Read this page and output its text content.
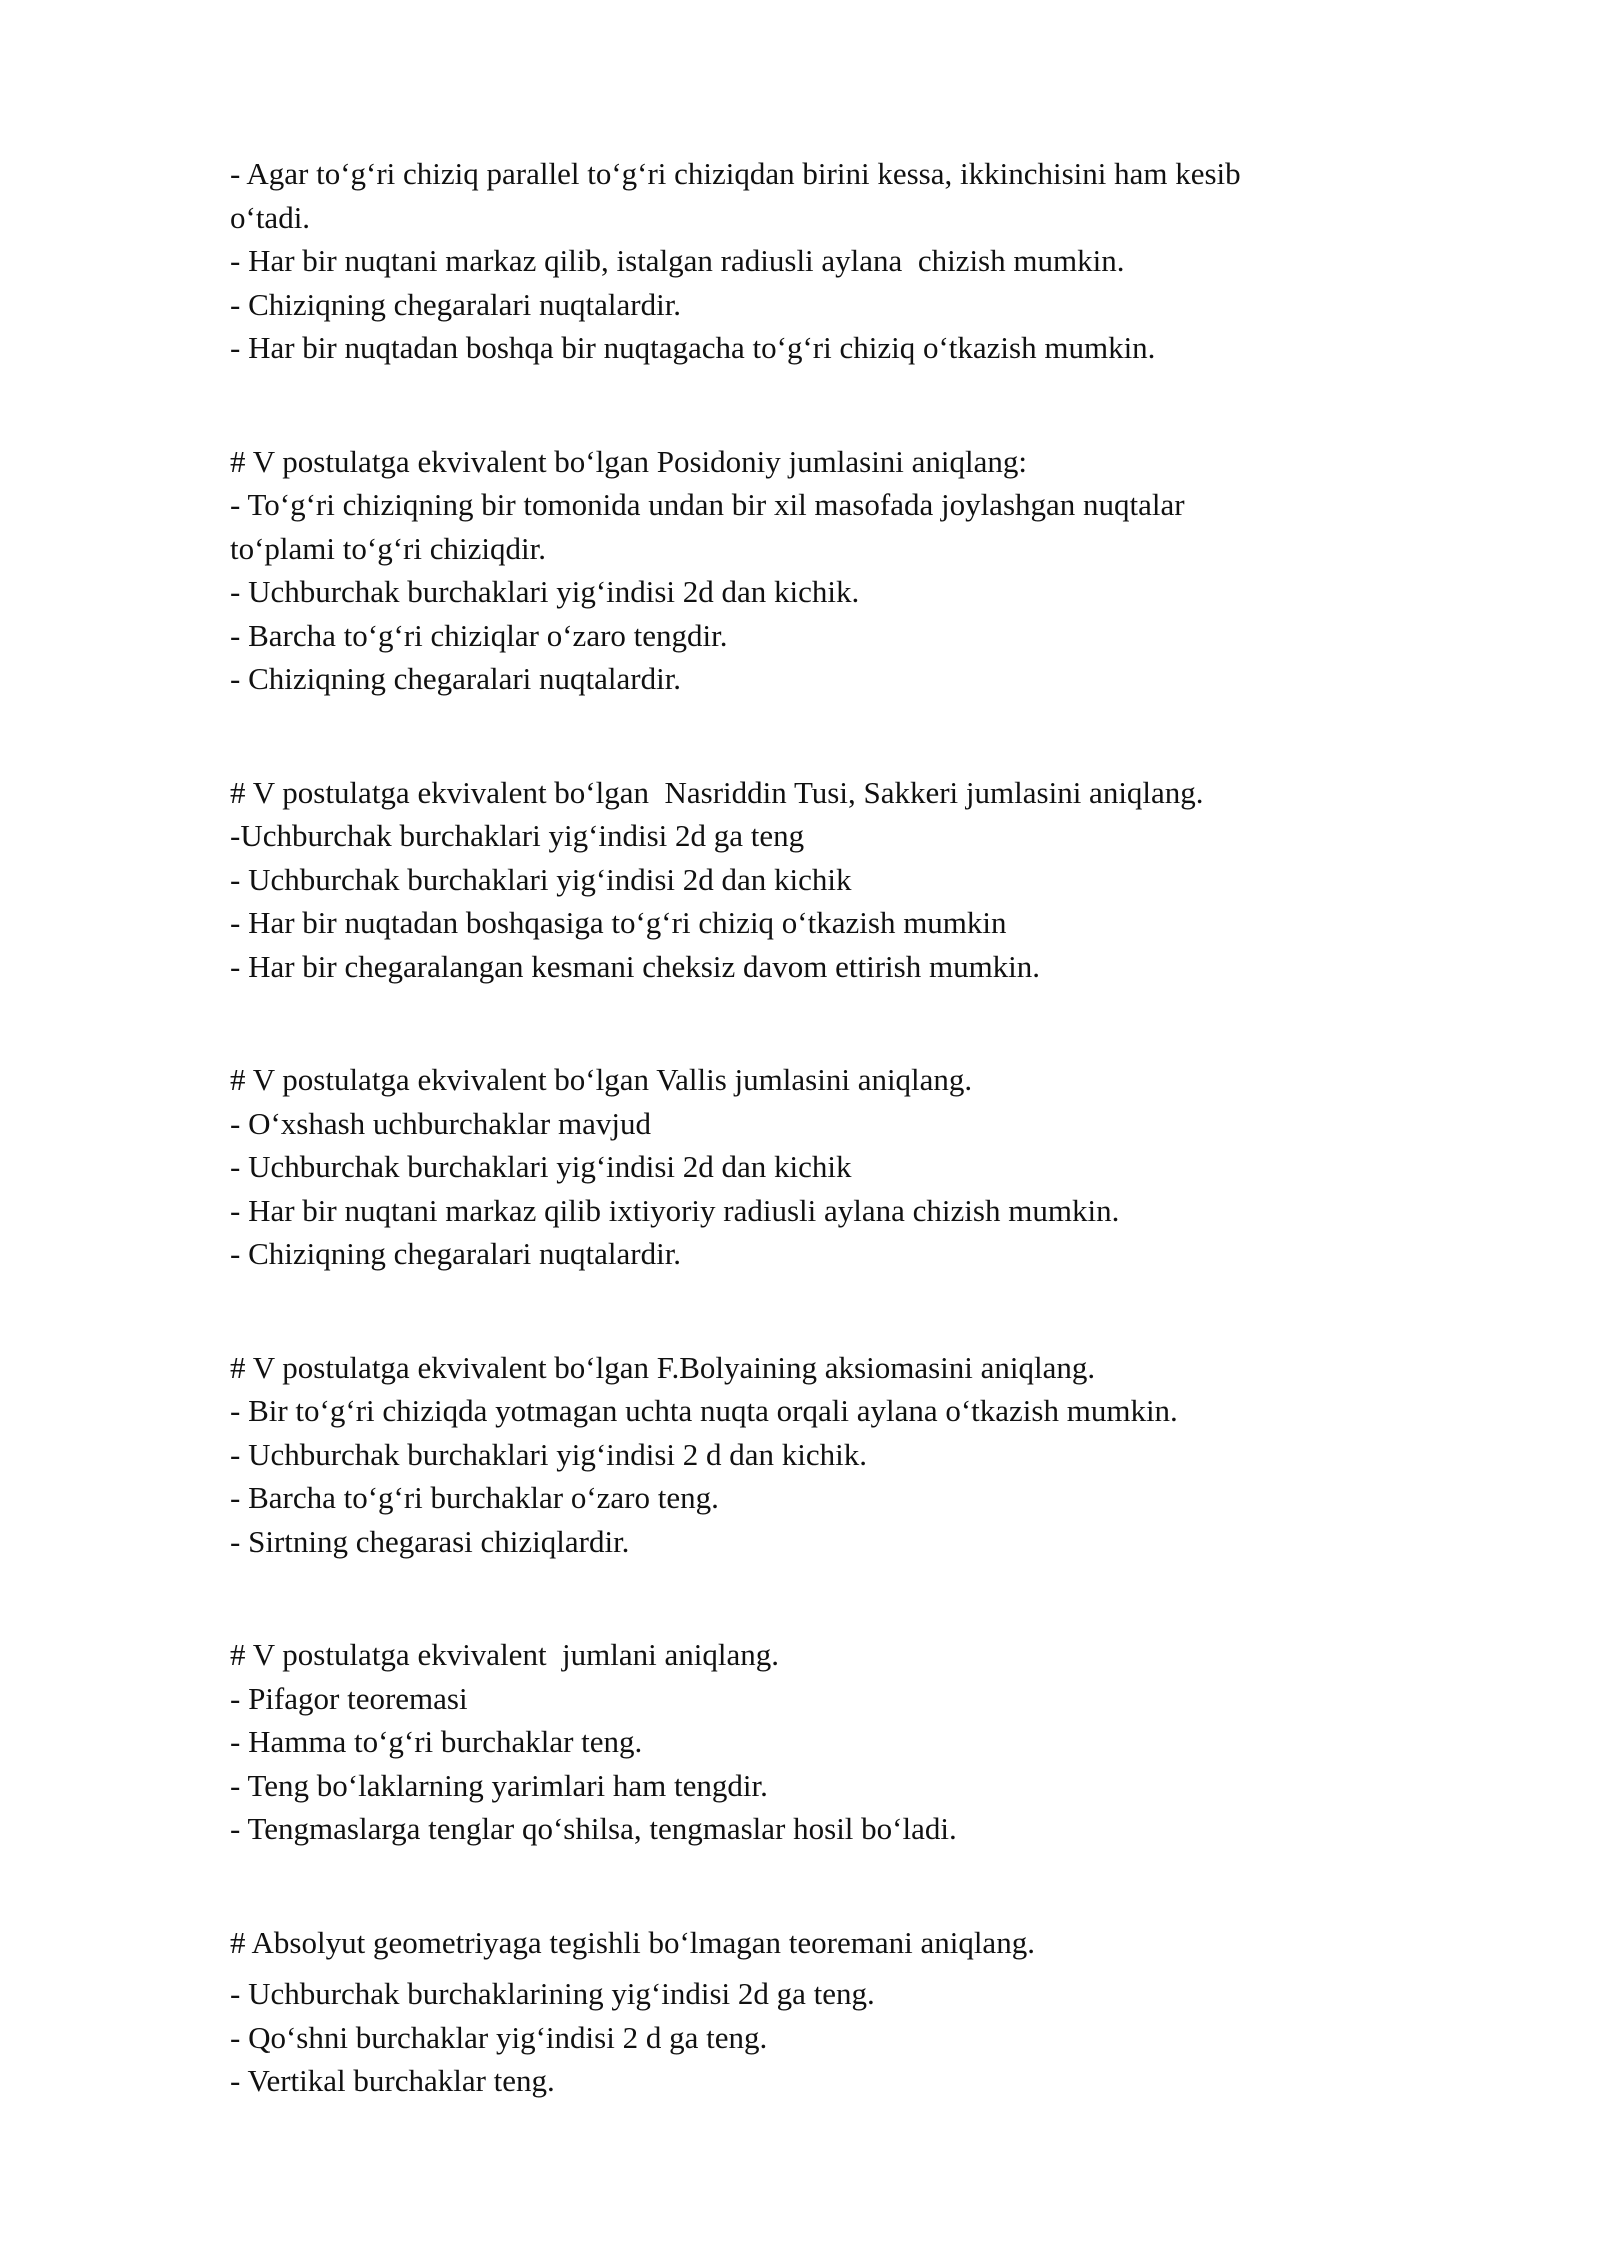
- Agar to‘g‘ri chiziq parallel to‘g‘ri chiziqdan birini kessa, ikkinchisini ham kesib
o‘tadi.
- Har bir nuqtani markaz qilib, istalgan radiusli aylana  chizish mumkin.
- Chiziqning chegaralari nuqtalardir.
- Har bir nuqtadan boshqa bir nuqtagacha to‘g‘ri chiziq o‘tkazish mumkin.
# V postulatga ekvivalent bo‘lgan Posidoniy jumlasini aniqlang:
- To‘g‘ri chiziqning bir tomonida undan bir xil masofada joylashgan nuqtalar
to‘plami to‘g‘ri chiziqdir.
- Uchburchak burchaklari yig‘indisi 2d dan kichik.
- Barcha to‘g‘ri chiziqlar o‘zaro tengdir.
- Chiziqning chegaralari nuqtalardir.
# V postulatga ekvivalent bo‘lgan  Nasriddin Tusi, Sakkeri jumlasini aniqlang.
-Uchburchak burchaklari yig‘indisi 2d ga teng
- Uchburchak burchaklari yig‘indisi 2d dan kichik
- Har bir nuqtadan boshqasiga to‘g‘ri chiziq o‘tkazish mumkin
- Har bir chegaralangan kesmani cheksiz davom ettirish mumkin.
# V postulatga ekvivalent bo‘lgan Vallis jumlasini aniqlang.
- O‘xshash uchburchaklar mavjud
- Uchburchak burchaklari yig‘indisi 2d dan kichik
- Har bir nuqtani markaz qilib ixtiyoriy radiusli aylana chizish mumkin.
- Chiziqning chegaralari nuqtalardir.
# V postulatga ekvivalent bo‘lgan F.Bolyaining aksiomasini aniqlang.
- Bir to‘g‘ri chiziqda yotmagan uchta nuqta orqali aylana o‘tkazish mumkin.
- Uchburchak burchaklari yig‘indisi 2 d dan kichik.
- Barcha to‘g‘ri burchaklar o‘zaro teng.
- Sirtning chegarasi chiziqlardir.
# V postulatga ekvivalent  jumlani aniqlang.
- Pifagor teoremasi
- Hamma to‘g‘ri burchaklar teng.
- Teng bo‘laklarning yarimlari ham tengdir.
- Tengmaslarga tenglar qo‘shilsa, tengmaslar hosil bo‘ladi.
# Absolyut geometriyaga tegishli bo‘lmagan teoremani aniqlang.
- Uchburchak burchaklarining yig‘indisi 2d ga teng.
- Qo‘shni burchaklar yig‘indisi 2 d ga teng.
- Vertikal burchaklar teng.
